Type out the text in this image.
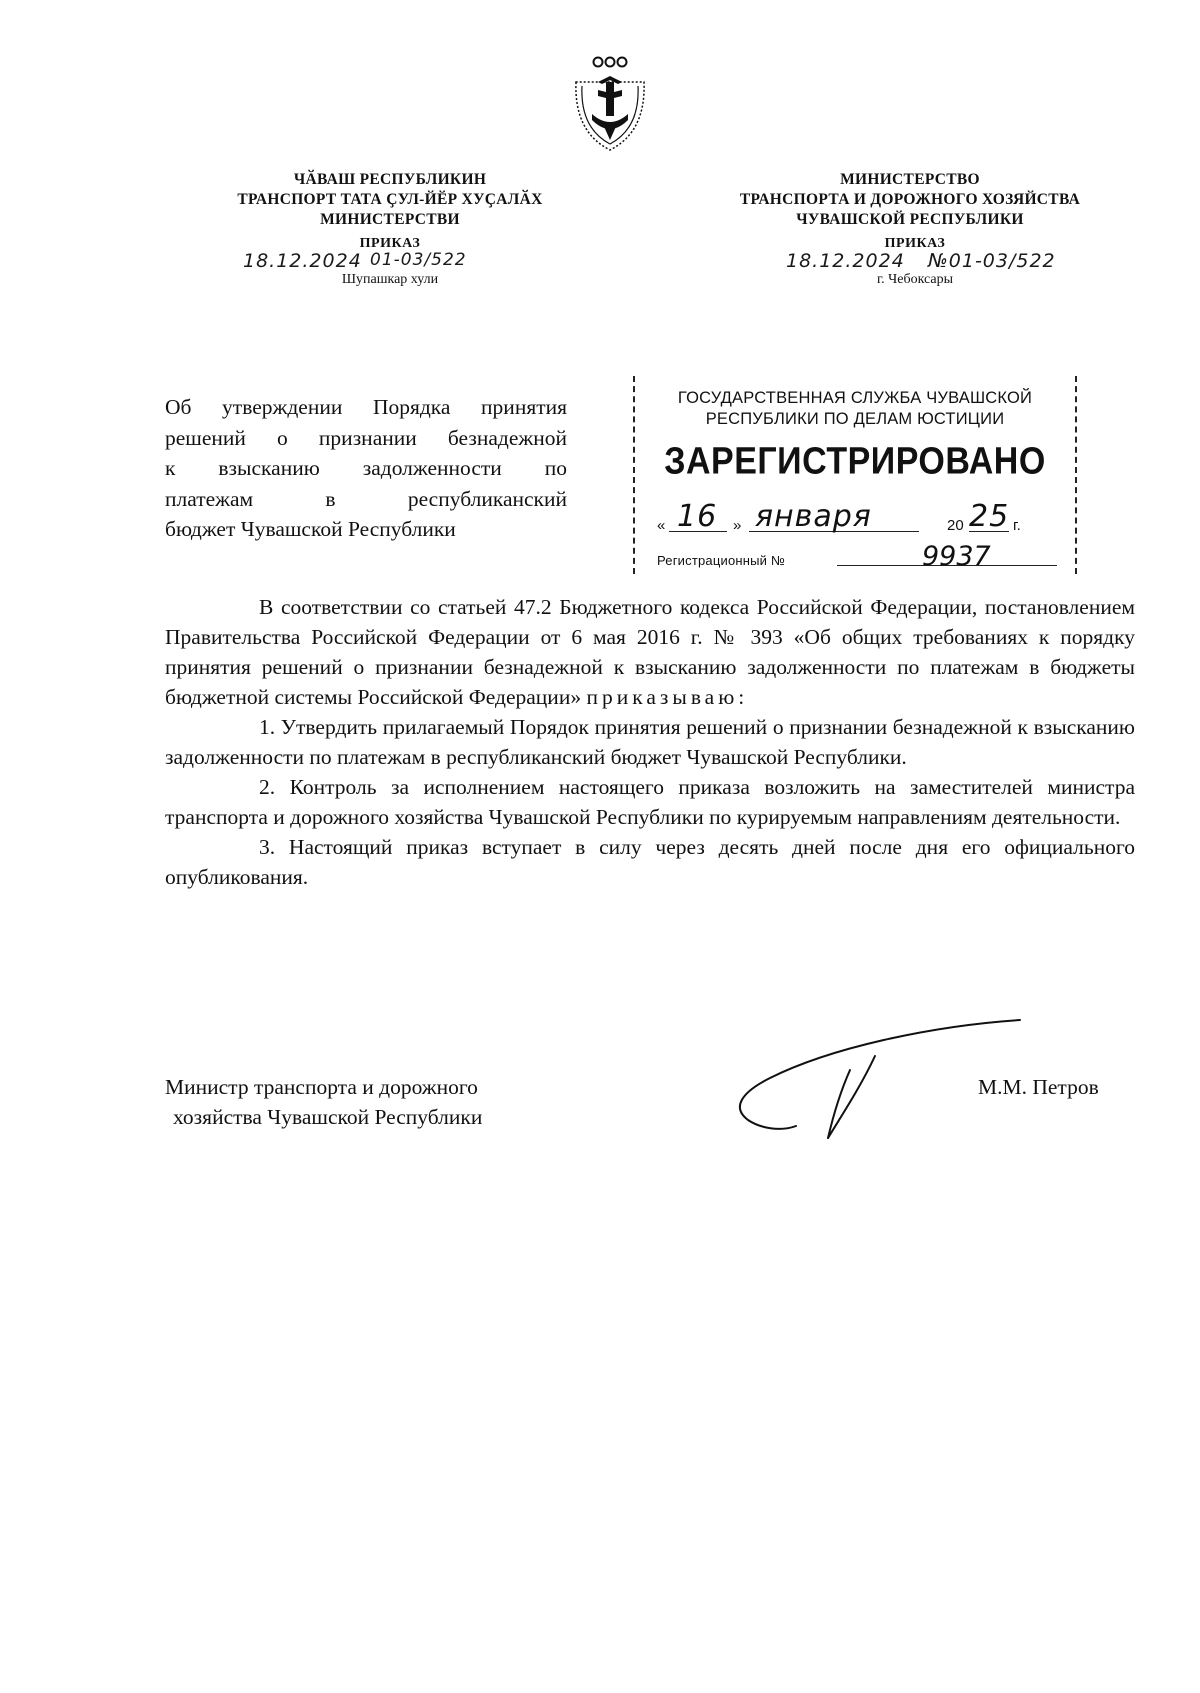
ЧӐВАШ РЕСПУБЛИКИН
ТРАНСПОРТ ТАТА ҪУЛ-ЙӖР ХУҪАЛӐХ
МИНИСТЕРСТВИ
ПРИКАЗ
18.12.2024 01-03/522
Шупашкар хули
МИНИСТЕРСТВО
ТРАНСПОРТА И ДОРОЖНОГО ХОЗЯЙСТВА
ЧУВАШСКОЙ РЕСПУБЛИКИ
ПРИКАЗ
18.12.2024 №01-03/522
г. Чебоксары
Об утверждении Порядка принятия
решений о признании безнадежной
к взысканию задолженности по
платежам в республиканский
бюджет Чувашской Республики
ГОСУДАРСТВЕННАЯ СЛУЖБА ЧУВАШСКОЙ
РЕСПУБЛИКИ ПО ДЕЛАМ ЮСТИЦИИ
ЗАРЕГИСТРИРОВАНО
« 16 » января	20 25 г.
Регистрационный №	9937

В соответствии со статьей 47.2 Бюджетного кодекса Российской Федерации, постановлением Правительства Российской Федерации от 6 мая 2016 г. № 393 «Об общих требованиях к порядку принятия решений о признании безнадежной к взысканию задолженности по платежам в бюджеты бюджетной системы Российской Федерации» приказываю:

1. Утвердить прилагаемый Порядок принятия решений о признании безнадежной к взысканию задолженности по платежам в республиканский бюджет Чувашской Республики.

2. Контроль за исполнением настоящего приказа возложить на заместителей министра транспорта и дорожного хозяйства Чувашской Республики по курируемым направлениям деятельности.

3. Настоящий приказ вступает в силу через десять дней после дня его официального опубликования.

Министр транспорта и дорожного
хозяйства Чувашской Республики
М.М. Петров
